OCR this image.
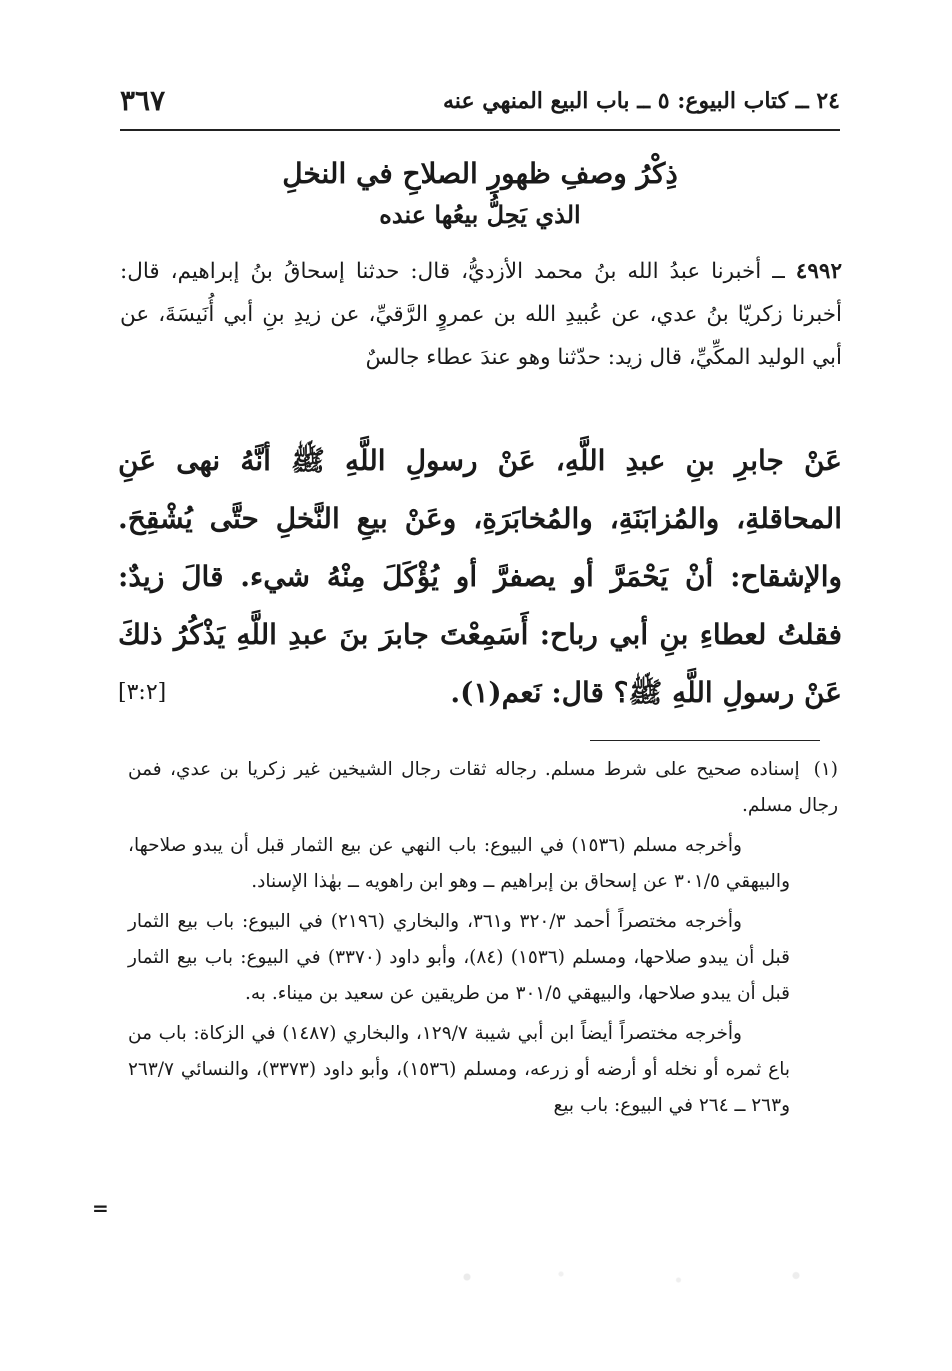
٢٤ ــ كتاب البيوع: ٥ ــ باب البيع المنهي عنه
٣٦٧
ذِكْرُ وصفِ ظهورِ الصلاحِ في النخلِ
الذي يَحِلُّ بيعُها عنده
٤٩٩٢ ــ أخبرنا عبدُ الله بنُ محمد الأزديُّ، قال: حدثنا إسحاقُ بنُ إبراهيم، قال: أخبرنا زكريّا بنُ عدي، عن عُبيدِ الله بن عمروٍ الرَّقيِّ، عن زيدِ بنِ أبي أُنَيسَةَ، عن أبي الوليد المكِّيِّ، قال زيد: حدّثنا وهو عندَ عطاء جالسٌ
عَنْ جابرِ بنِ عبدِ اللَّهِ، عَنْ رسولِ اللَّهِ ﷺ أنَّهُ نهى عَنِ المحاقلةِ، والمُزابَنَةِ، والمُخابَرَةِ، وعَنْ بيعِ النَّخلِ حتَّى يُشْقِحَ. والإشقاح: أنْ يَحْمَرَّ أو يصفرَّ أو يُؤْكَلَ مِنْهُ شيء. قالَ زيدٌ: فقلتُ لعطاءِ بنِ أبي رباح: أَسَمِعْتَ جابرَ بنَ عبدِ اللَّهِ يَذْكُرُ ذلكَ عَنْ رسولِ اللَّهِ ﷺ؟ قال: نَعم(١).
[٣:٢]

(١)إسناده صحيح على شرط مسلم. رجاله ثقات رجال الشيخين غير زكريا بن عدي، فمن رجال مسلم.

وأخرجه مسلم (١٥٣٦) في البيوع: باب النهي عن بيع الثمار قبل أن يبدو صلاحها، والبيهقي ٣٠١/٥ عن إسحاق بن إبراهيم ــ وهو ابن راهويه ــ بهٰذا الإسناد.

وأخرجه مختصراً أحمد ٣٢٠/٣ و٣٦١، والبخاري (٢١٩٦) في البيوع: باب بيع الثمار قبل أن يبدو صلاحها، ومسلم (١٥٣٦) (٨٤)، وأبو داود (٣٣٧٠) في البيوع: باب بيع الثمار قبل أن يبدو صلاحها، والبيهقي ٣٠١/٥ من طريقين عن سعيد بن ميناء. به.

وأخرجه مختصراً أيضاً ابن أبي شيبة ١٢٩/٧، والبخاري (١٤٨٧) في الزكاة: باب من باع ثمره أو نخله أو أرضه أو زرعه، ومسلم (١٥٣٦)، وأبو داود (٣٣٧٣)، والنسائي ٢٦٣/٧ و٢٦٣ ــ ٢٦٤ في البيوع: باب بيع

=
